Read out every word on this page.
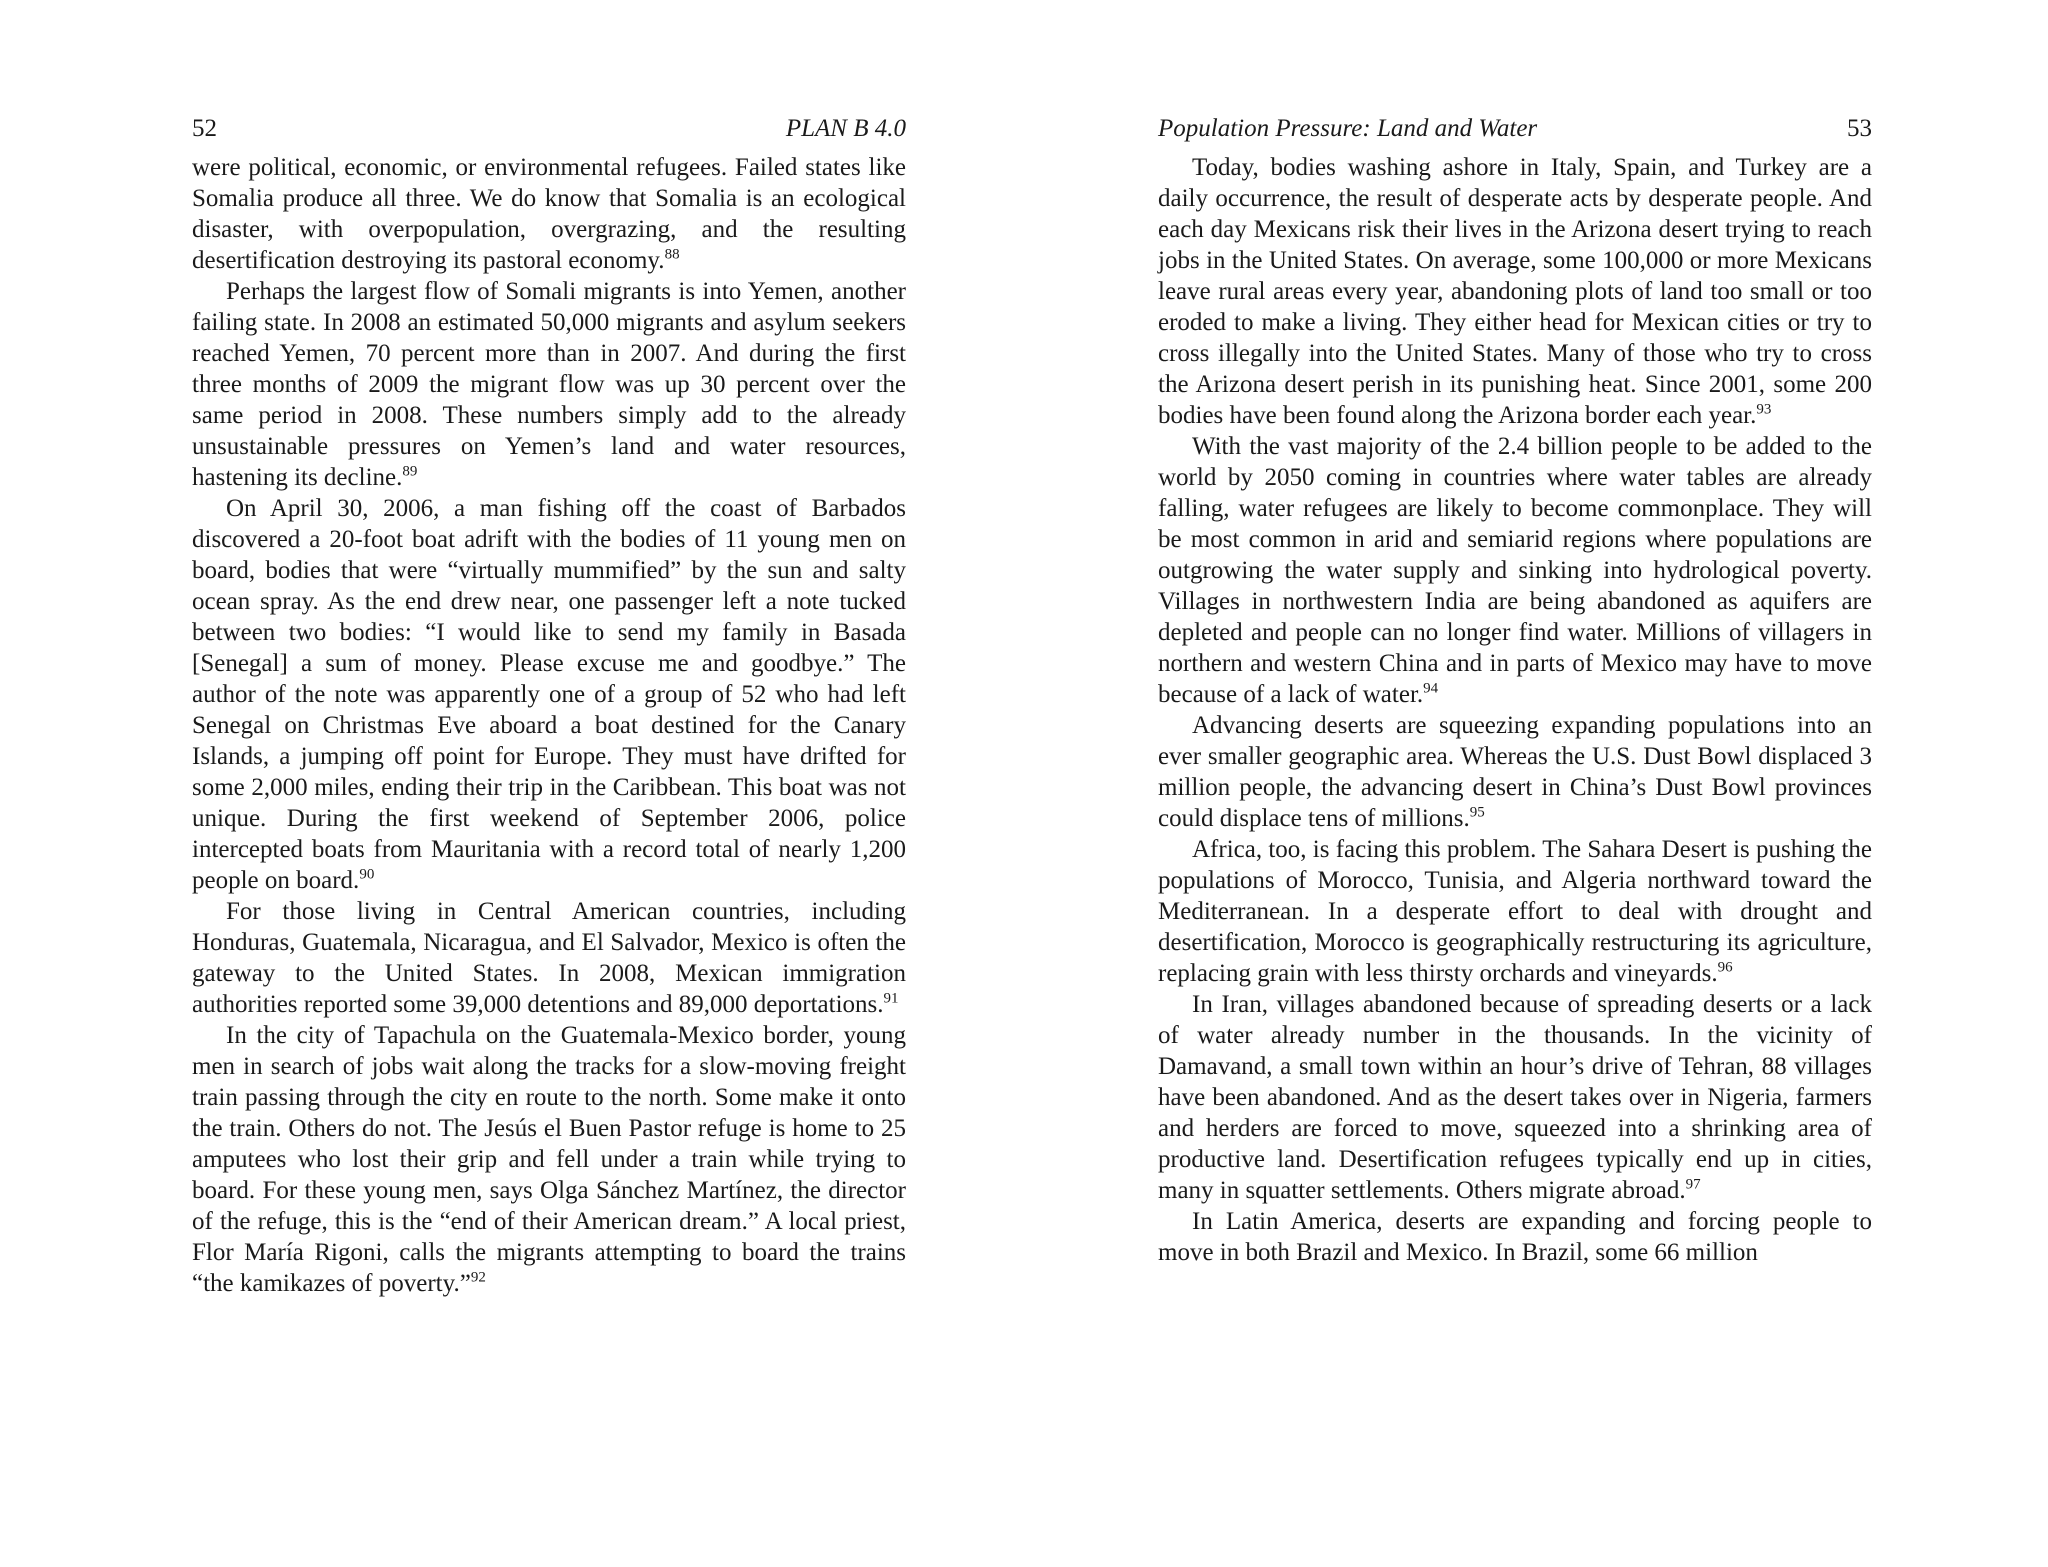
52	PLAN B 4.0

were political, economic, or environmental refugees. Failed states like Somalia produce all three. We do know that Somalia is an ecological disaster, with overpopulation, overgrazing, and the resulting desertification destroying its pastoral economy.$^{88}$

Perhaps the largest flow of Somali migrants is into Yemen, another failing state. In 2008 an estimated 50,000 migrants and asylum seekers reached Yemen, 70 percent more than in 2007. And during the first three months of 2009 the migrant flow was up 30 percent over the same period in 2008. These numbers simply add to the already unsustainable pressures on Yemen’s land and water resources, hastening its decline.$^{89}$

On April 30, 2006, a man fishing off the coast of Barbados discovered a 20-foot boat adrift with the bodies of 11 young men on board, bodies that were “virtually mummified” by the sun and salty ocean spray. As the end drew near, one passenger left a note tucked between two bodies: “I would like to send my family in Basada [Senegal] a sum of money. Please excuse me and goodbye.” The author of the note was apparently one of a group of 52 who had left Senegal on Christmas Eve aboard a boat destined for the Canary Islands, a jumping off point for Europe. They must have drifted for some 2,000 miles, ending their trip in the Caribbean. This boat was not unique. During the first weekend of September 2006, police intercepted boats from Mauritania with a record total of nearly 1,200 people on board.$^{90}$

For those living in Central American countries, including Honduras, Guatemala, Nicaragua, and El Salvador, Mexico is often the gateway to the United States. In 2008, Mexican immigration authorities reported some 39,000 detentions and 89,000 deportations.$^{91}$

In the city of Tapachula on the Guatemala-Mexico border, young men in search of jobs wait along the tracks for a slow-moving freight train passing through the city en route to the north. Some make it onto the train. Others do not. The Jesús el Buen Pastor refuge is home to 25 amputees who lost their grip and fell under a train while trying to board. For these young men, says Olga Sánchez Martínez, the director of the refuge, this is the “end of their American dream.” A local priest, Flor María Rigoni, calls the migrants attempting to board the trains “the kamikazes of poverty.”$^{92}$

Population Pressure: Land and Water	53

Today, bodies washing ashore in Italy, Spain, and Turkey are a daily occurrence, the result of desperate acts by desperate people. And each day Mexicans risk their lives in the Arizona desert trying to reach jobs in the United States. On average, some 100,000 or more Mexicans leave rural areas every year, abandoning plots of land too small or too eroded to make a living. They either head for Mexican cities or try to cross illegally into the United States. Many of those who try to cross the Arizona desert perish in its punishing heat. Since 2001, some 200 bodies have been found along the Arizona border each year.$^{93}$

With the vast majority of the 2.4 billion people to be added to the world by 2050 coming in countries where water tables are already falling, water refugees are likely to become commonplace. They will be most common in arid and semiarid regions where populations are outgrowing the water supply and sinking into hydrological poverty. Villages in northwestern India are being abandoned as aquifers are depleted and people can no longer find water. Millions of villagers in northern and western China and in parts of Mexico may have to move because of a lack of water.$^{94}$

Advancing deserts are squeezing expanding populations into an ever smaller geographic area. Whereas the U.S. Dust Bowl displaced 3 million people, the advancing desert in China’s Dust Bowl provinces could displace tens of millions.$^{95}$

Africa, too, is facing this problem. The Sahara Desert is pushing the populations of Morocco, Tunisia, and Algeria northward toward the Mediterranean. In a desperate effort to deal with drought and desertification, Morocco is geographically restructuring its agriculture, replacing grain with less thirsty orchards and vineyards.$^{96}$

In Iran, villages abandoned because of spreading deserts or a lack of water already number in the thousands. In the vicinity of Damavand, a small town within an hour’s drive of Tehran, 88 villages have been abandoned. And as the desert takes over in Nigeria, farmers and herders are forced to move, squeezed into a shrinking area of productive land. Desertification refugees typically end up in cities, many in squatter settlements. Others migrate abroad.$^{97}$

In Latin America, deserts are expanding and forcing people to move in both Brazil and Mexico. In Brazil, some 66 million
